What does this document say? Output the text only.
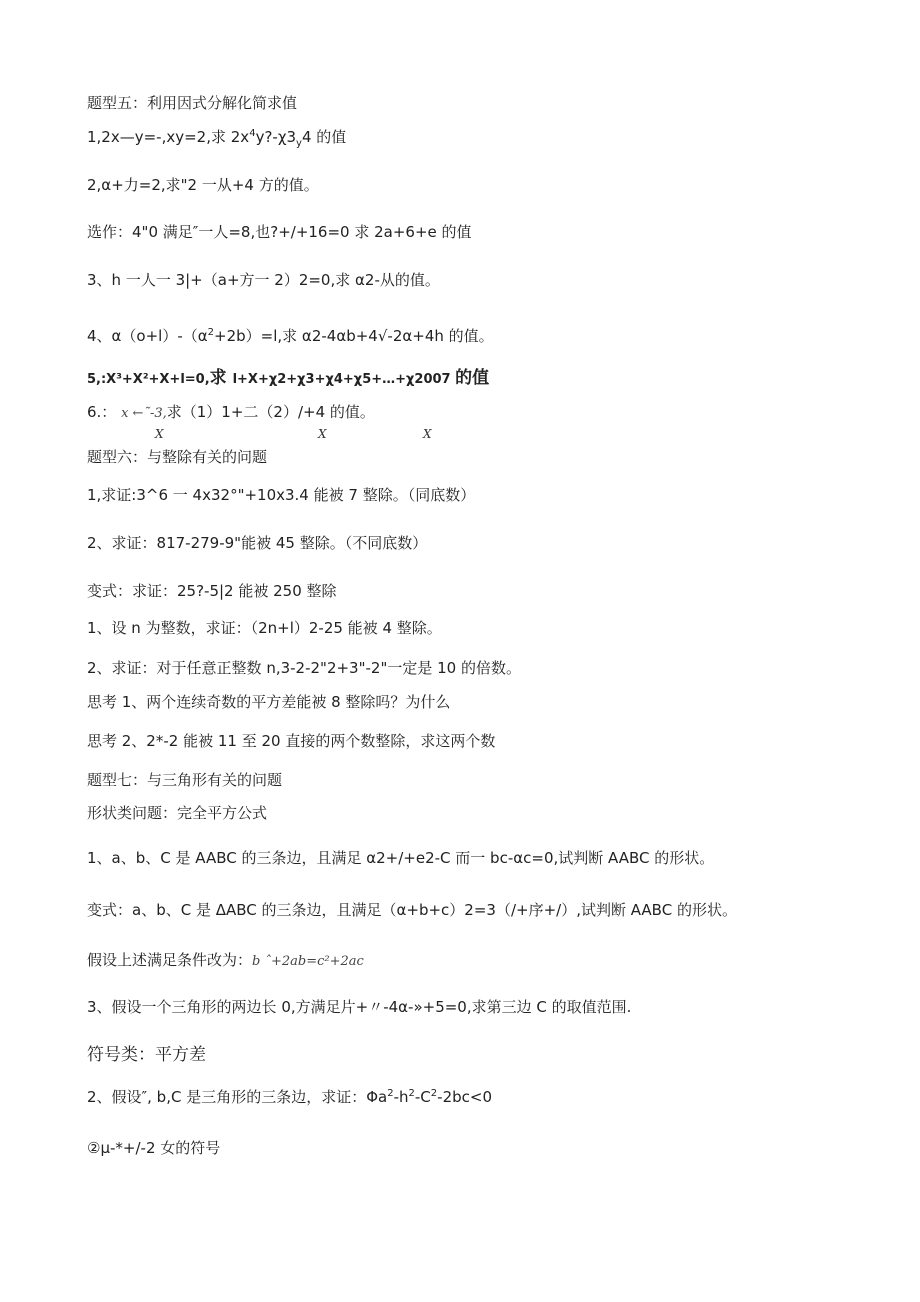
题型五：利用因式分解化简求值
1,2x—y=-,xy=2,求 $2x^4y?-\chi 3_y4$ 的值
2,α+力=2,求"2 一从+4 方的值。
选作：4"0 满足″一人=8,也?+/+16=0 求 2a+6+e 的值
3、h 一人一 3|+（a+方一 2）2=0,求 α2-从的值。
4、$\alpha(o+l)-(\alpha^2+2b)=l$,求 α2-4αb+4√-2α+4h 的值。
5,:X³+X²+X+l=0,求 l+X+χ2+χ3+χ4+χ5+…+χ2007 的值
6.： x ←˜-3,求（1）1+二（2）/+4 的值。
X	X	X
题型六：与整除有关的问题
1,求证:3^6 一 4x32°"+10x3.4 能被 7 整除。（同底数）
2、求证：817-279-9"能被 45 整除。（不同底数）
变式：求证：25?-5|2 能被 250 整除
1、设 n 为整数，求证：（2n+l）2-25 能被 4 整除。
2、求证：对于任意正整数 n,3-2-2"2+3"-2"一定是 10 的倍数。
思考 1、两个连续奇数的平方差能被 8 整除吗？为什么
思考 2、2*-2 能被 11 至 20 直接的两个数整除，求这两个数
题型七：与三角形有关的问题
形状类问题：完全平方公式
1、a、b、C 是 AABC 的三条边，且满足 α2+/+e2-C 而一 bc-αc=0,试判断 AABC 的形状。
变式：a、b、C 是 ΔABC 的三条边，且满足（α+b+c）2=3（/+序+/）,试判断 AABC 的形状。
假设上述满足条件改为：b ˆ+2ab=c²+2ac
3、假设一个三角形的两边长 0,方满足片+〃-4α-»+5=0,求第三边 C 的取值范围.
符号类：平方差
2、假设″, b,C 是三角形的三条边，求证：$\Phi a^2-h^2-C^2-2bc<0$
②μ-*+/-2 女的符号
